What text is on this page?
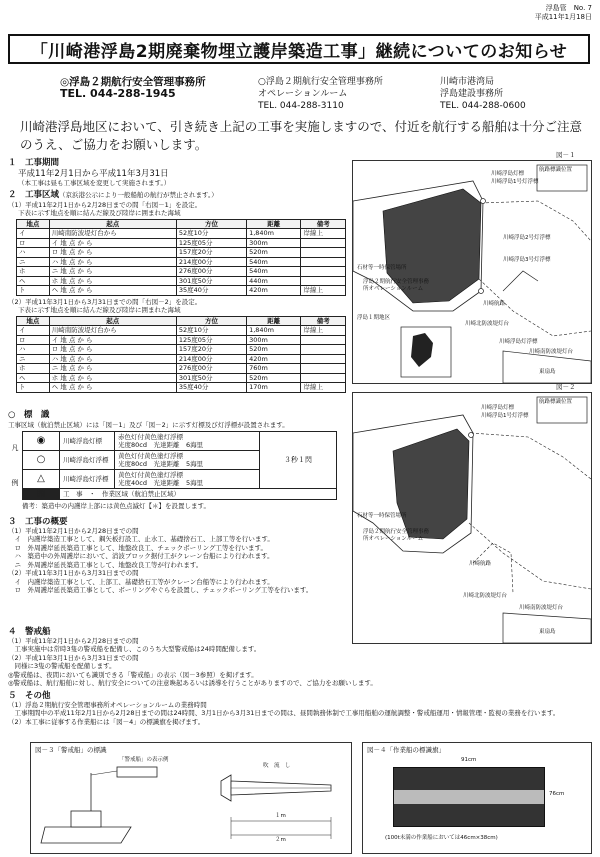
浮島管　 No. 7
平成11年1月18日
「川崎港浮島2期廃棄物埋立護岸築造工事」継続についてのお知らせ
◎浮島２期航行安全管理事務所
TEL. 044-288-1945
○浮島２期航行安全管理事務所
オペレーションルーム
TEL. 044-288-3110
川崎市港湾局
浮島建設事務所
TEL. 044-288-0600
川崎港浮島地区において、引き続き上記の工事を実施しますので、付近を航行する船舶は十分ご注意のうえ、ご協力をお願いします。
１　工事期間
平成11年2月1日から平成11年3月31日
（本工事は昼も工事区域を変更して実施されます。）
２　工事区域（京浜港公示により一般船舶の航行が禁止されます。）
（1）平成11年2月1日から2月28日までの間「右図－1」を設定。
下表に示す地点を順に結んだ線及び陸岸に囲まれた海域
地点	起点	方位	距離	備考
イ	川崎南防波堤灯台から	52度10分	1,840m	岸線上
ロ	イ 地 点 か ら	125度05分	300m	
ハ	ロ 地 点 か ら	157度20分	520m	
ニ	ハ 地 点 か ら	214度00分	540m	
ホ	ニ 地 点 か ら	276度00分	540m	
ヘ	ホ 地 点 か ら	301度50分	440m	
ト	ヘ 地 点 か ら	35度40分	420m	岸線上
（2）平成11年3月1日から3月31日までの間「右図－2」を設定。
下表に示す地点を順に結んだ線及び陸岸に囲まれた海域
地点	起点	方位	距離	備考
イ	川崎南防波堤灯台から	52度10分	1,840m	岸線上
ロ	イ 地 点 か ら	125度05分	300m	
ハ	ロ 地 点 か ら	157度20分	520m	
ニ	ハ 地 点 か ら	214度00分	420m	
ホ	ニ 地 点 か ら	276度00分	760m	
ヘ	ホ 地 点 か ら	301度50分	520m	
ト	ヘ 地 点 か ら	35度40分	170m	岸線上
○　標　識
工事区域（航泊禁止区域）には「図－1」及び「図－2」に示す灯標及び灯浮標が設置されます。
凡
例
◉	川崎浮島灯標	赤色灯付黄色塗灯浮標
光度80cd　光達距離　6海里	３秒１閃
○	川崎浮島灯浮標	黄色灯付黄色塗灯浮標
光度80cd　光達距離　5海里	

△	川崎浮島灯浮標	黄色灯付黄色塗灯浮標
光度40cd　光達距離　5海里	

▨	工　事　・　作業区域（航泊禁止区域）		
備考：築造中の内護岸上部には黄色点滅灯【＊】を設置します。
３　工事の概要
（1）平成11年2月1日から2月28日までの間
　イ　内護岸築造工事として、鋼矢板打設工、止水工、基礎捨石工、上部工等を行います。
　ロ　外周護岸延長築造工事として、地盤改良工、チェックボーリング工等を行います。
　ハ　築造中の外周護岸において、消波ブロック据付工がクレーン台船により行われます。
　ニ　外周護岸延長築造工事として、地盤改良工等が行われます。
（2）平成11年3月1日から3月31日までの間
　イ　内護岸築造工事として、上部工、基礎捨石工等がクレーン台船等により行われます。
　ロ　外周護岸延長築造工事として、ボーリングやぐらを設置し、チェックボーリング工等を行います。
４　警戒船
（1）平成11年2月1日から2月28日までの間
　工事実施中は常時3隻の警戒船を配備し、このうち大型警戒船は24時間配備します。
（2）平成11年3月1日から3月31日までの間
　同様に3隻の警戒船を配備します。
◎警戒船は、夜間においても識別できる「警戒船」の表示（図－3参照）を掲げます。
◎警戒船は、航行船舶に対し、航行安全についての注意喚起あるいは誘導を行うことがありますので、ご協力をお願いします。
５　その他
（1）浮島２期航行安全管理事務所オペレーションルームの業務時間
　工事期間中の平成11年2月1日から2月28日までの間は24時間、3月1日から3月31日までの間は、昼間執務体制で工事用船舶の運航調整・警戒船運用・情報管理・監視の業務を行います。
（2）本工事に従事する作業船には「図－4」の標識旗を掲げます。
図－１
航路標識位置
川崎浮島灯標
川崎浮島1号灯浮標
川崎浮島2号灯浮標
川崎浮島3号灯浮標
石材等一時保管場所
浮島２期航行安全管理事務所オペレーションルーム
浮島１期地区
川崎航路
川崎北防波堤灯台
川崎浮島灯浮標
川崎南防波堤灯台
東扇島
図－２
航路標識位置
川崎浮島灯標
川崎浮島1号灯浮標
石材等一時保管場所
浮島２期航行安全管理事務所オペレーションルーム
川崎航路
川崎北防波堤灯台
川崎南防波堤灯台
東扇島
図－３「警戒船」の標識
「警戒船」の表示例
吹　流　し
１m
２m
図－４「作業船の標識旗」
91cm
76cm
(100t未満の作業船においては46cm×38cm)
